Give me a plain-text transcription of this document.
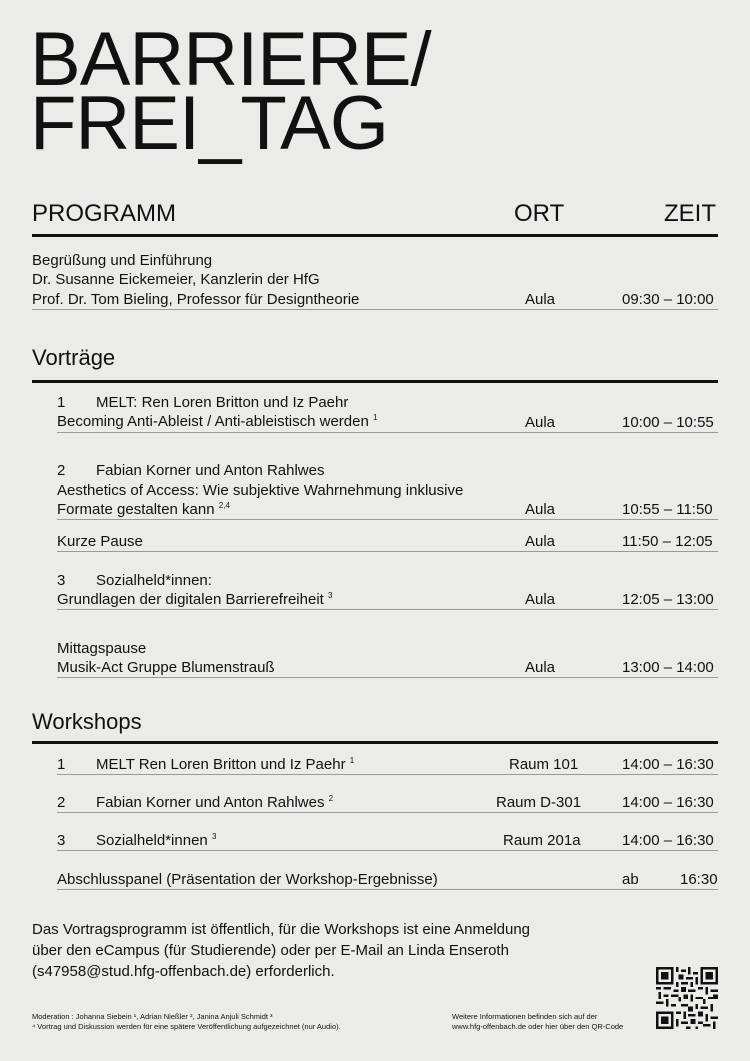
BARRIERE/
FREI_TAG
PROGRAMM	ORT	ZEIT
Begrüßung und Einführung
Dr. Susanne Eickemeier, Kanzlerin der HfG
Prof. Dr. Tom Bieling, Professor für Designtheorie	Aula	09:30 – 10:00
Vorträge
1 MELT: Ren Loren Britton und Iz Paehr
Becoming Anti-Ableist / Anti-ableistisch werden $^1$	Aula	10:00 – 10:55
2 Fabian Korner und Anton Rahlwes
Aesthetics of Access: Wie subjektive Wahrnehmung inklusive
Formate gestalten kann $^{2,4}$	Aula	10:55 – 11:50
Kurze Pause	Aula	11:50 – 12:05
3 Sozialheld*innen:
Grundlagen der digitalen Barrierefreiheit $^3$	Aula	12:05 – 13:00
Mittagspause
Musik-Act Gruppe Blumenstrauß	Aula	13:00 – 14:00
Workshops
1 MELT Ren Loren Britton und Iz Paehr $^1$	Raum 101	14:00 – 16:30
2 Fabian Korner und Anton Rahlwes $^2$	Raum D-301	14:00 – 16:30
3 Sozialheld*innen $^3$	Raum 201a	14:00 – 16:30
Abschlusspanel (Präsentation der Workshop-Ergebnisse)	ab	16:30
Das Vortragsprogramm ist öffentlich, für die Workshops ist eine Anmeldung
über den eCampus (für Studierende) oder per E-Mail an Linda Enseroth
(s47958@stud.hfg-offenbach.de) erforderlich.
Moderation : Johanna Siebein ¹, Adrian Nießler ², Janina Anjuli Schmidt ³
⁴ Vortrag und Diskussion werden für eine spätere Veröffentlichung aufgezeichnet (nur Audio).
Weitere Informationen befinden sich auf der
www.hfg-offenbach.de oder hier über den QR-Code
